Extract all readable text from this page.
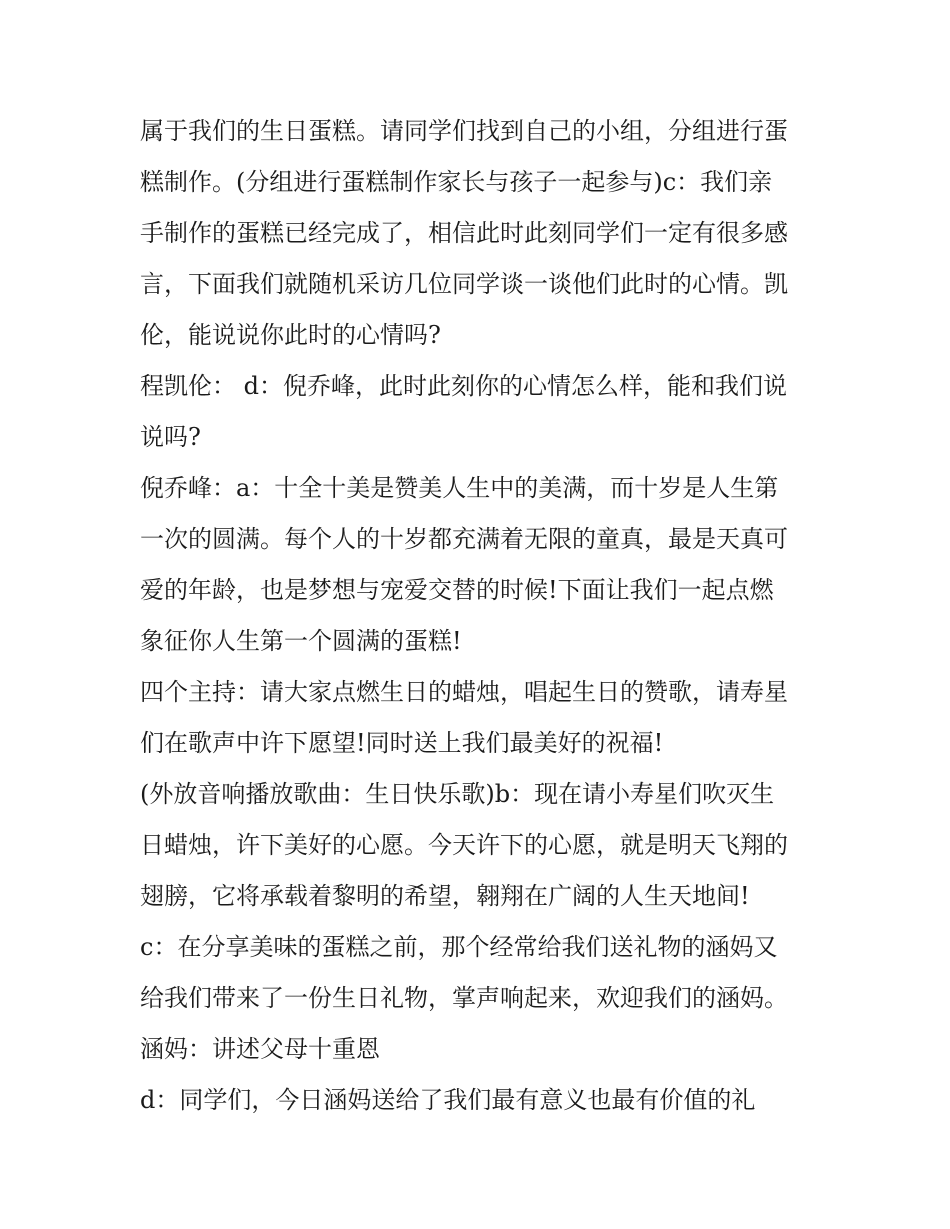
属于我们的生日蛋糕。请同学们找到自己的小组，分组进行蛋
糕制作。(分组进行蛋糕制作家长与孩子一起参与)c：我们亲
手制作的蛋糕已经完成了，相信此时此刻同学们一定有很多感
言，下面我们就随机采访几位同学谈一谈他们此时的心情。凯
伦，能说说你此时的心情吗?
程凯伦： d：倪乔峰，此时此刻你的心情怎么样，能和我们说
说吗?
倪乔峰：a：十全十美是赞美人生中的美满，而十岁是人生第
一次的圆满。每个人的十岁都充满着无限的童真，最是天真可
爱的年龄，也是梦想与宠爱交替的时候!下面让我们一起点燃
象征你人生第一个圆满的蛋糕!
四个主持：请大家点燃生日的蜡烛，唱起生日的赞歌，请寿星
们在歌声中许下愿望!同时送上我们最美好的祝福!
(外放音响播放歌曲：生日快乐歌)b：现在请小寿星们吹灭生
日蜡烛，许下美好的心愿。今天许下的心愿，就是明天飞翔的
翅膀，它将承载着黎明的希望，翱翔在广阔的人生天地间!
c：在分享美味的蛋糕之前，那个经常给我们送礼物的涵妈又
给我们带来了一份生日礼物，掌声响起来，欢迎我们的涵妈。
涵妈：讲述父母十重恩
d：同学们，今日涵妈送给了我们最有意义也最有价值的礼
